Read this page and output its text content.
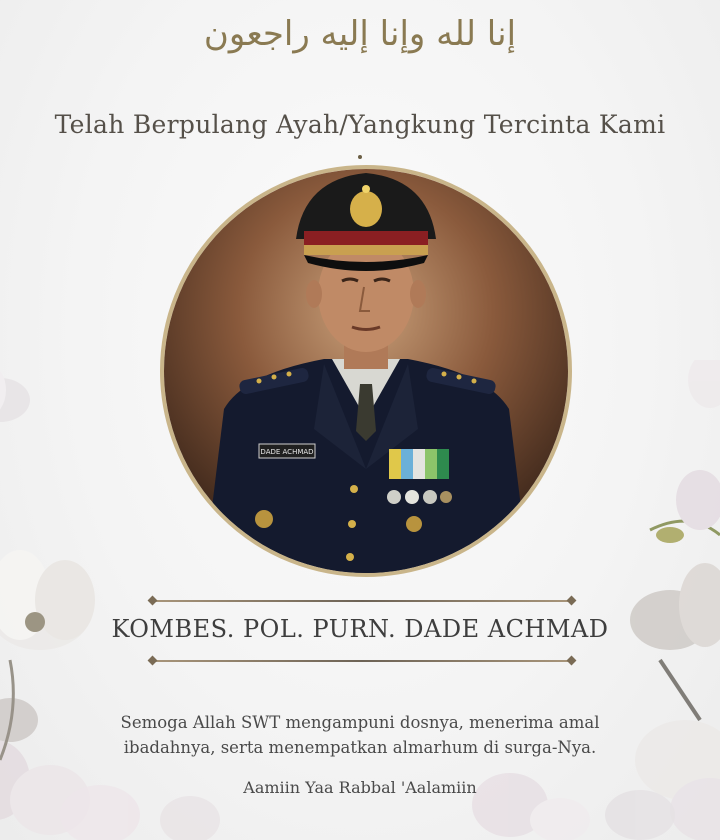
إنا لله وإنا إليه راجعون
Telah Berpulang Ayah/Yangkung Tercinta Kami
DADE ACHMAD
KOMBES. POL. PURN. DADE ACHMAD
Semoga Allah SWT mengampuni dosnya, menerima amal
ibadahnya, serta menempatkan almarhum di surga-Nya.
Aamiin Yaa Rabbal 'Aalamiin
